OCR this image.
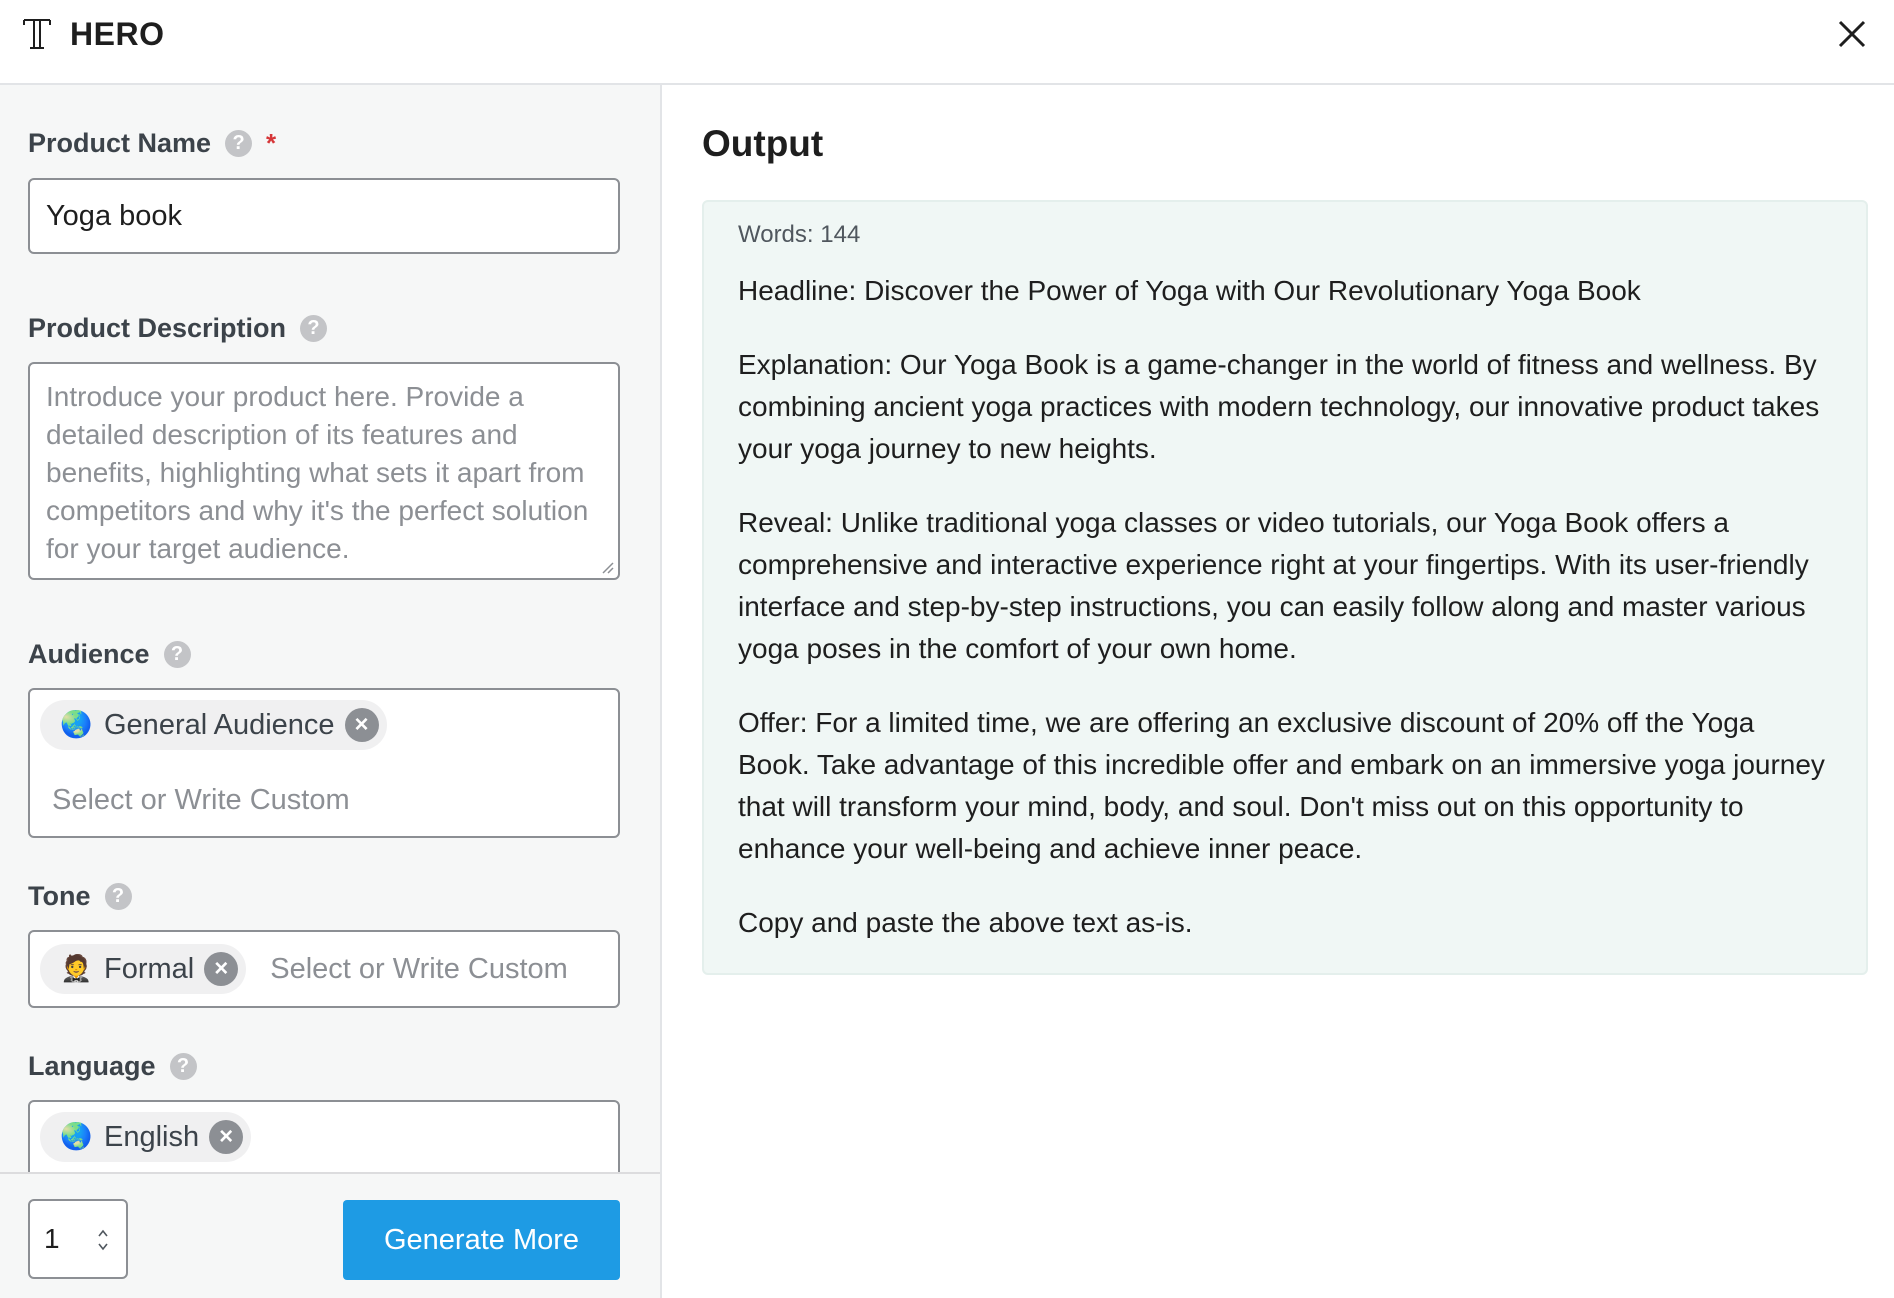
HERO
Product Name	? *
Yoga book
Product Description	?
Introduce your product here. Provide a detailed description of its features and benefits, highlighting what sets it apart from competitors and why it's the perfect solution for your target audience.
Audience	?
🌏 General Audience ×
Select or Write Custom
Tone	?
🤵 Formal ×	Select or Write Custom
Language	?
🌏 English ×
1	Generate More
Output
Words: 144

Headline: Discover the Power of Yoga with Our Revolutionary Yoga Book

Explanation: Our Yoga Book is a game-changer in the world of fitness and wellness. By combining ancient yoga practices with modern technology, our innovative product takes your yoga journey to new heights.

Reveal: Unlike traditional yoga classes or video tutorials, our Yoga Book offers a comprehensive and interactive experience right at your fingertips. With its user-friendly interface and step-by-step instructions, you can easily follow along and master various yoga poses in the comfort of your own home.

Offer: For a limited time, we are offering an exclusive discount of 20% off the Yoga Book. Take advantage of this incredible offer and embark on an immersive yoga journey that will transform your mind, body, and soul. Don't miss out on this opportunity to enhance your well-being and achieve inner peace.

Copy and paste the above text as-is.
